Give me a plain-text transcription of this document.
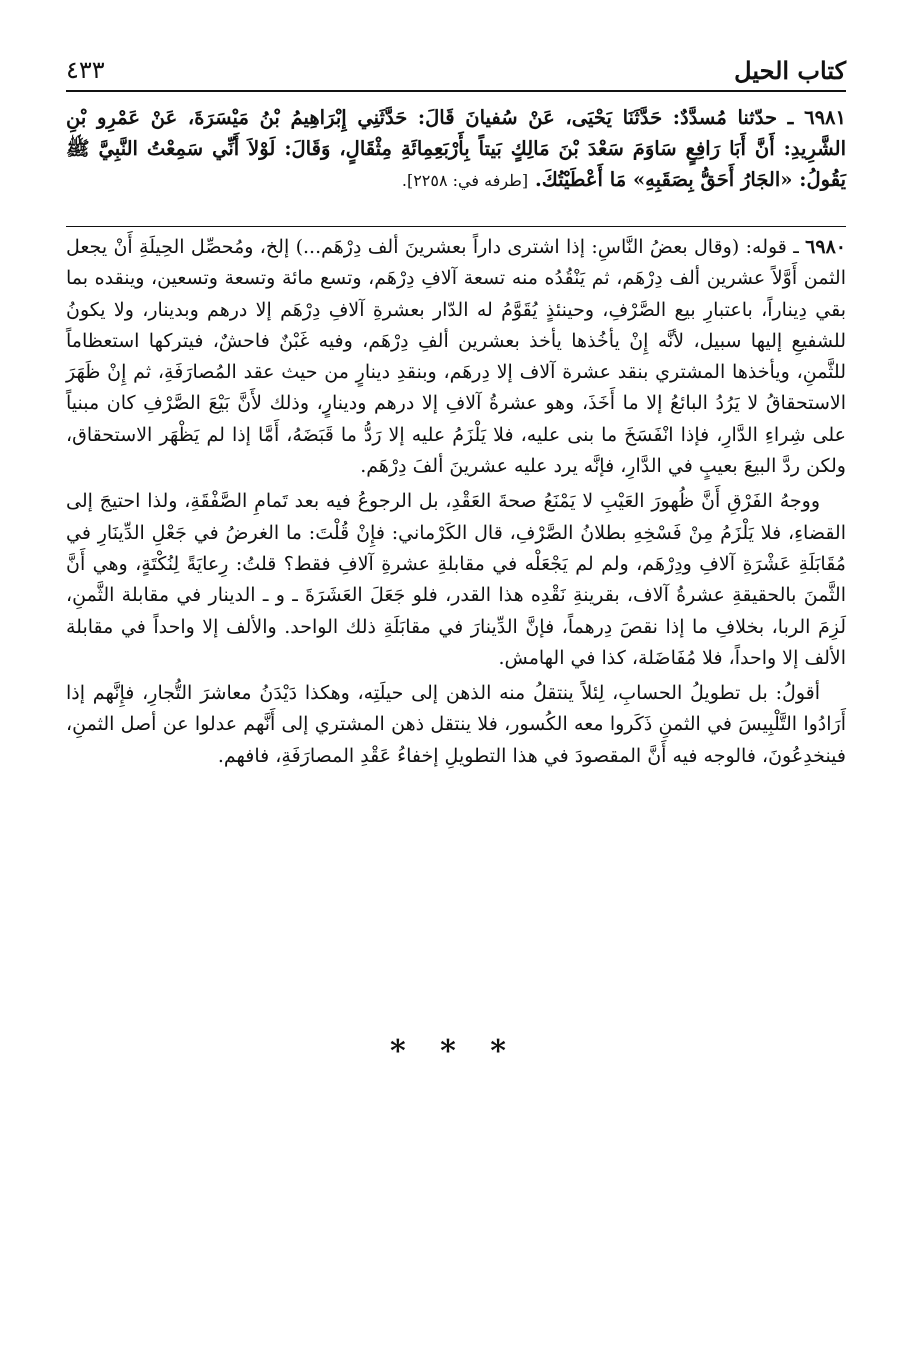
كتاب الحيل
٤٣٣
٦٩٨١ ـ حدّثنا مُسدَّدٌ: حَدَّثَنَا يَحْيَى، عَنْ سُفيانَ قَالَ: حَدَّثَنِي إِبْرَاهِيمُ بْنُ مَيْسَرَةَ، عَنْ عَمْرِو بْنِ الشَّرِيدِ: أَنَّ أَبَا رَافِعٍ سَاوَمَ سَعْدَ بْنَ مَالِكٍ بَيتاً بِأَرْبَعِمِائَةِ مِثْقَالٍ، وَقَالَ: لَوْلاَ أَنِّي سَمِعْتُ النَّبِيَّ ﷺ يَقُولُ: «الجَارُ أَحَقُّ بِصَقَبِهِ» مَا أَعْطَيْتُكَ. [طرفه في: ٢٢٥٨].

٦٩٨٠ ـ قوله: (وقال بعضُ النَّاسِ: إذا اشترى داراً بعشرينَ ألف دِرْهَم...) إلخ، ومُحصِّل الحِيلَةِ أَنْ يجعل الثمن أَوَّلاً عشرين ألف دِرْهَم، ثم يَنْقُدُه منه تسعة آلافِ دِرْهَم، وتسع مائة وتسعة وتسعين، وينقده بما بقي دِيناراً، باعتبارِ بيع الصَّرْفِ، وحينئذٍ يُقَوَّمُ له الدّار بعشرةِ آلافِ دِرْهَم إلا درهم وبدينار، ولا يكونُ للشفيعِ إليها سبيل، لأنَّه إِنْ يأخُذها يأخذ بعشرين ألفِ دِرْهَم، وفيه غَبْنٌ فاحشٌ، فيتركها استعظاماً للثَّمنِ، ويأخذها المشتري بنقد عشرة آلاف إلا دِرهَم، وبنقدِ دينارٍ من حيث عقد المُصارَفَةِ، ثم إِنْ ظَهَرَ الاستحقاقُ لا يَرُدُ البائعُ إلا ما أَخَذَ، وهو عشرةُ آلافِ إلا درهم ودينارٍ، وذلك لأَنَّ بَيْعَ الصَّرْفِ كان مبنياً على شِراءِ الدَّارِ، فإذا انْفَسَخَ ما بنى عليه، فلا يَلْزَمُ عليه إلا رَدُّ ما قَبَضَهُ، أَمَّا إذا لم يَظْهَر الاستحقاق، ولكن ردَّ البيعَ بعيبٍ في الدَّارِ، فإنَّه يرد عليه عشرينَ ألفَ دِرْهَم.

ووجهُ الفَرْقِ أَنَّ ظُهورَ العَيْبِ لا يَمْنَعُ صحةَ العَقْدِ، بل الرجوعُ فيه بعد تَمامِ الصَّفْقَةِ، ولذا احتيجَ إلى القضاءِ، فلا يَلْزَمُ مِنْ فَسْخِهِ بطلانُ الصَّرْفِ، قال الكَرْماني: فإِنْ قُلْتَ: ما الغرضُ في جَعْلِ الدِّينَارِ في مُقَابَلَةِ عَشْرَةِ آلافِ ودِرْهَم، ولم لم يَجْعَلْه في مقابلةِ عشرةِ آلافِ فقط؟ قلتُ: رِعايَةً لِنُكْتَةٍ، وهي أَنَّ الثَّمنَ بالحقيقةِ عشرةُ آلاف، بقرينةِ نَقْدِه هذا القدر، فلو جَعَلَ العَشَرَةَ ـ و ـ الدينار في مقابلة الثَّمنِ، لَزِمَ الربا، بخلافِ ما إذا نقصَ دِرهماً، فإنَّ الدِّينارَ في مقابَلَةِ ذلك الواحد. والألف إلا واحداً في مقابلة الألف إلا واحداً، فلا مُفَاضَلة، كذا في الهامش.

أقولُ: بل تطويلُ الحسابِ، لِئلاً ينتقلُ منه الذهن إلى حيلَتِه، وهكذا دَيْدَنُ معاشرَ التُّجارِ، فإِنَّهم إذا أَرَادُوا التَّلْبِيسَ في الثمنِ ذَكَروا معه الكُسور، فلا ينتقل ذهن المشتري إلى أَنَّهم عدلوا عن أصل الثمنِ، فينخدِعُونَ، فالوجه فيه أَنَّ المقصودَ في هذا التطويلِ إخفاءُ عَقْدِ المصارَفَةِ، فافهم.

* * *
